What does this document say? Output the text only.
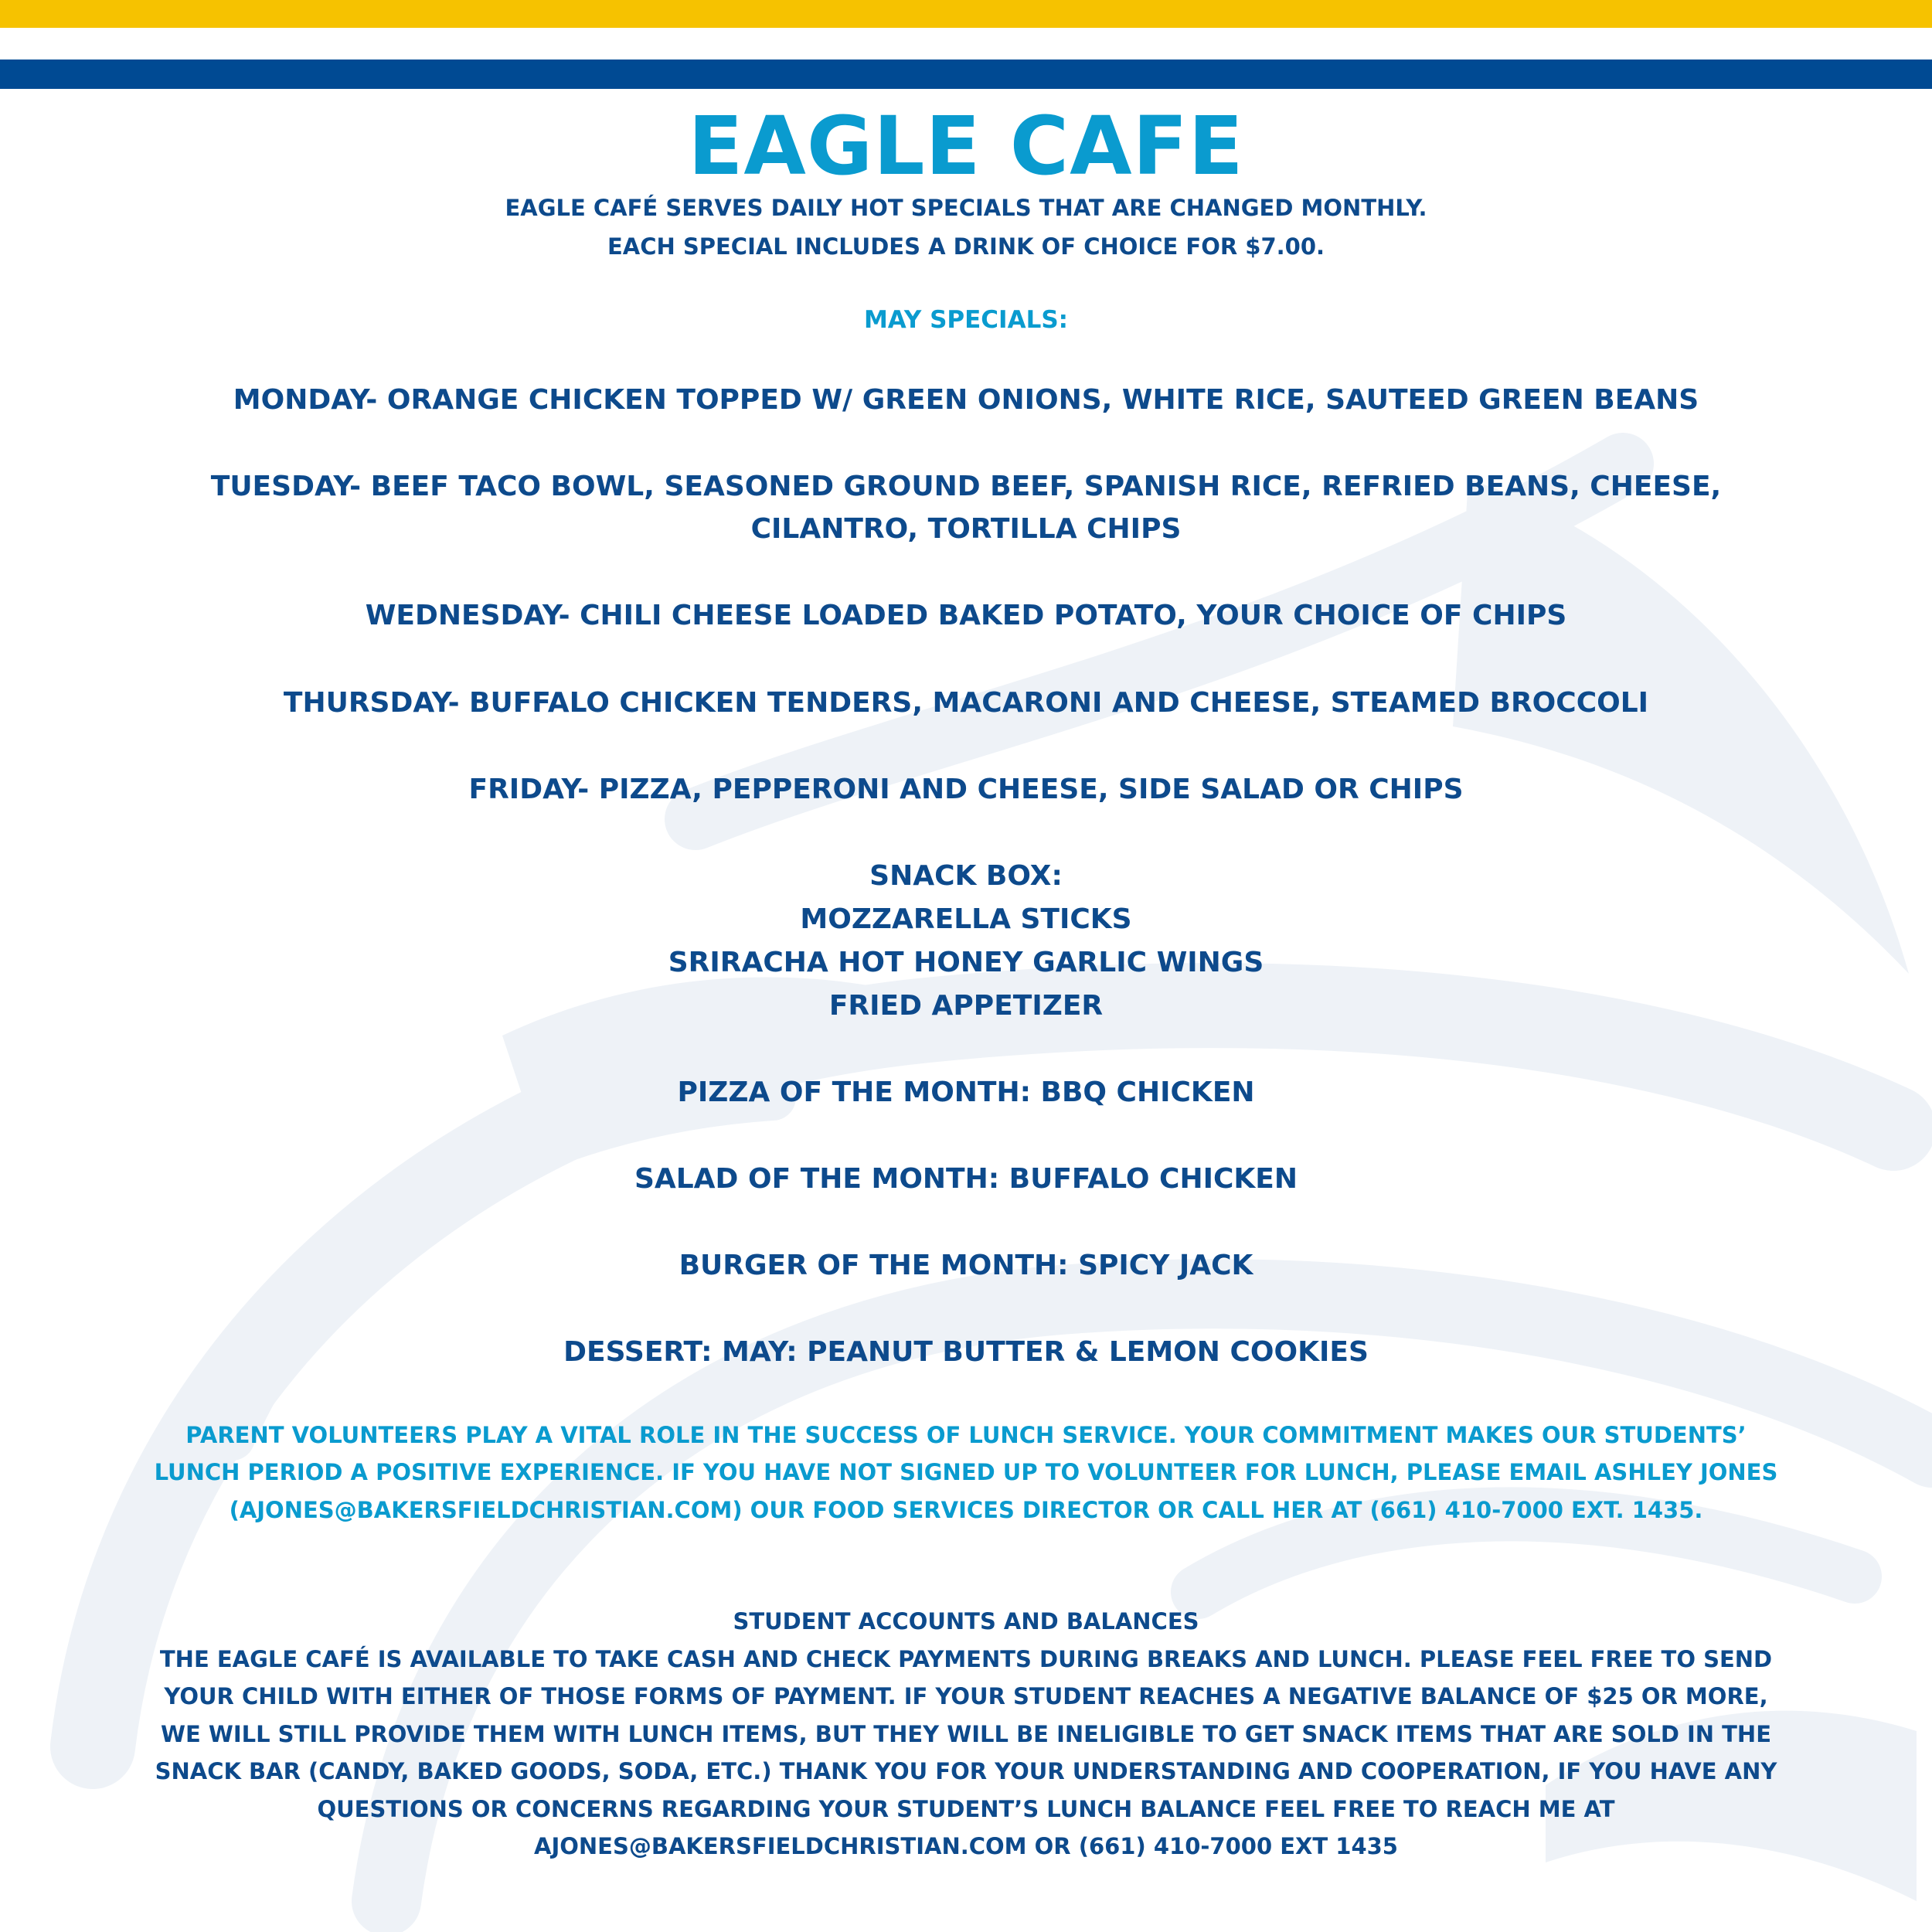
EAGLE CAFE
EAGLE CAFÉ SERVES DAILY HOT SPECIALS THAT ARE CHANGED MONTHLY.
EACH SPECIAL INCLUDES A DRINK OF CHOICE FOR $7.00.
MAY SPECIALS:
MONDAY- ORANGE CHICKEN TOPPED W/ GREEN ONIONS, WHITE RICE, SAUTEED GREEN BEANS
TUESDAY- BEEF TACO BOWL, SEASONED GROUND BEEF, SPANISH RICE, REFRIED BEANS, CHEESE,
CILANTRO, TORTILLA CHIPS
WEDNESDAY- CHILI CHEESE LOADED BAKED POTATO, YOUR CHOICE OF CHIPS
THURSDAY- BUFFALO CHICKEN TENDERS, MACARONI AND CHEESE, STEAMED BROCCOLI
FRIDAY- PIZZA, PEPPERONI AND CHEESE, SIDE SALAD OR CHIPS
SNACK BOX:
MOZZARELLA STICKS
SRIRACHA HOT HONEY GARLIC WINGS
FRIED APPETIZER
PIZZA OF THE MONTH: BBQ CHICKEN
SALAD OF THE MONTH: BUFFALO CHICKEN
BURGER OF THE MONTH: SPICY JACK
DESSERT: MAY: PEANUT BUTTER & LEMON COOKIES
PARENT VOLUNTEERS PLAY A VITAL ROLE IN THE SUCCESS OF LUNCH SERVICE. YOUR COMMITMENT MAKES OUR STUDENTS’
LUNCH PERIOD A POSITIVE EXPERIENCE. IF YOU HAVE NOT SIGNED UP TO VOLUNTEER FOR LUNCH, PLEASE EMAIL ASHLEY JONES
(AJONES@BAKERSFIELDCHRISTIAN.COM) OUR FOOD SERVICES DIRECTOR OR CALL HER AT (661) 410-7000 EXT. 1435.
STUDENT ACCOUNTS AND BALANCES
THE EAGLE CAFÉ IS AVAILABLE TO TAKE CASH AND CHECK PAYMENTS DURING BREAKS AND LUNCH. PLEASE FEEL FREE TO SEND
YOUR CHILD WITH EITHER OF THOSE FORMS OF PAYMENT. IF YOUR STUDENT REACHES A NEGATIVE BALANCE OF $25 OR MORE,
WE WILL STILL PROVIDE THEM WITH LUNCH ITEMS, BUT THEY WILL BE INELIGIBLE TO GET SNACK ITEMS THAT ARE SOLD IN THE
SNACK BAR (CANDY, BAKED GOODS, SODA, ETC.) THANK YOU FOR YOUR UNDERSTANDING AND COOPERATION, IF YOU HAVE ANY
QUESTIONS OR CONCERNS REGARDING YOUR STUDENT’S LUNCH BALANCE FEEL FREE TO REACH ME AT
AJONES@BAKERSFIELDCHRISTIAN.COM OR (661) 410-7000 EXT 1435
